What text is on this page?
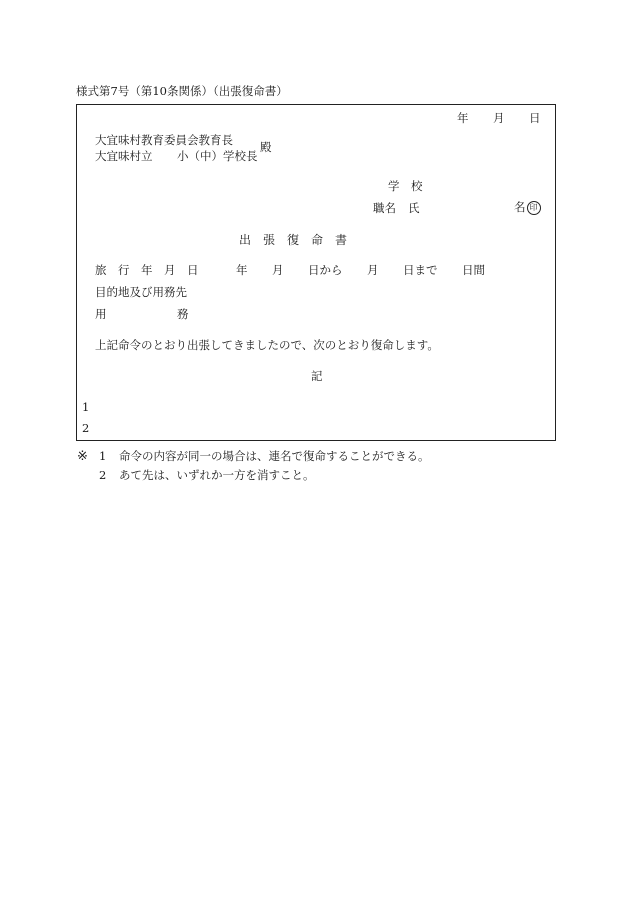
様式第7号（第10条関係）（出張復命書）
年 月 日
大宜味村教育委員会教育長
大宜味村立 小（中）学校長
殿
学　校
職名 氏	名 印
出　張　復　命　書
旅　行　年　月　日	年 月 日から 月 日まで 日間
目的地及び用務先
用	務
上記命令のとおり出張してきましたので、次のとおり復命します。
記
1
2
※ 1 命令の内容が同一の場合は、連名で復命することができる。
2 あて先は、いずれか一方を消すこと。
